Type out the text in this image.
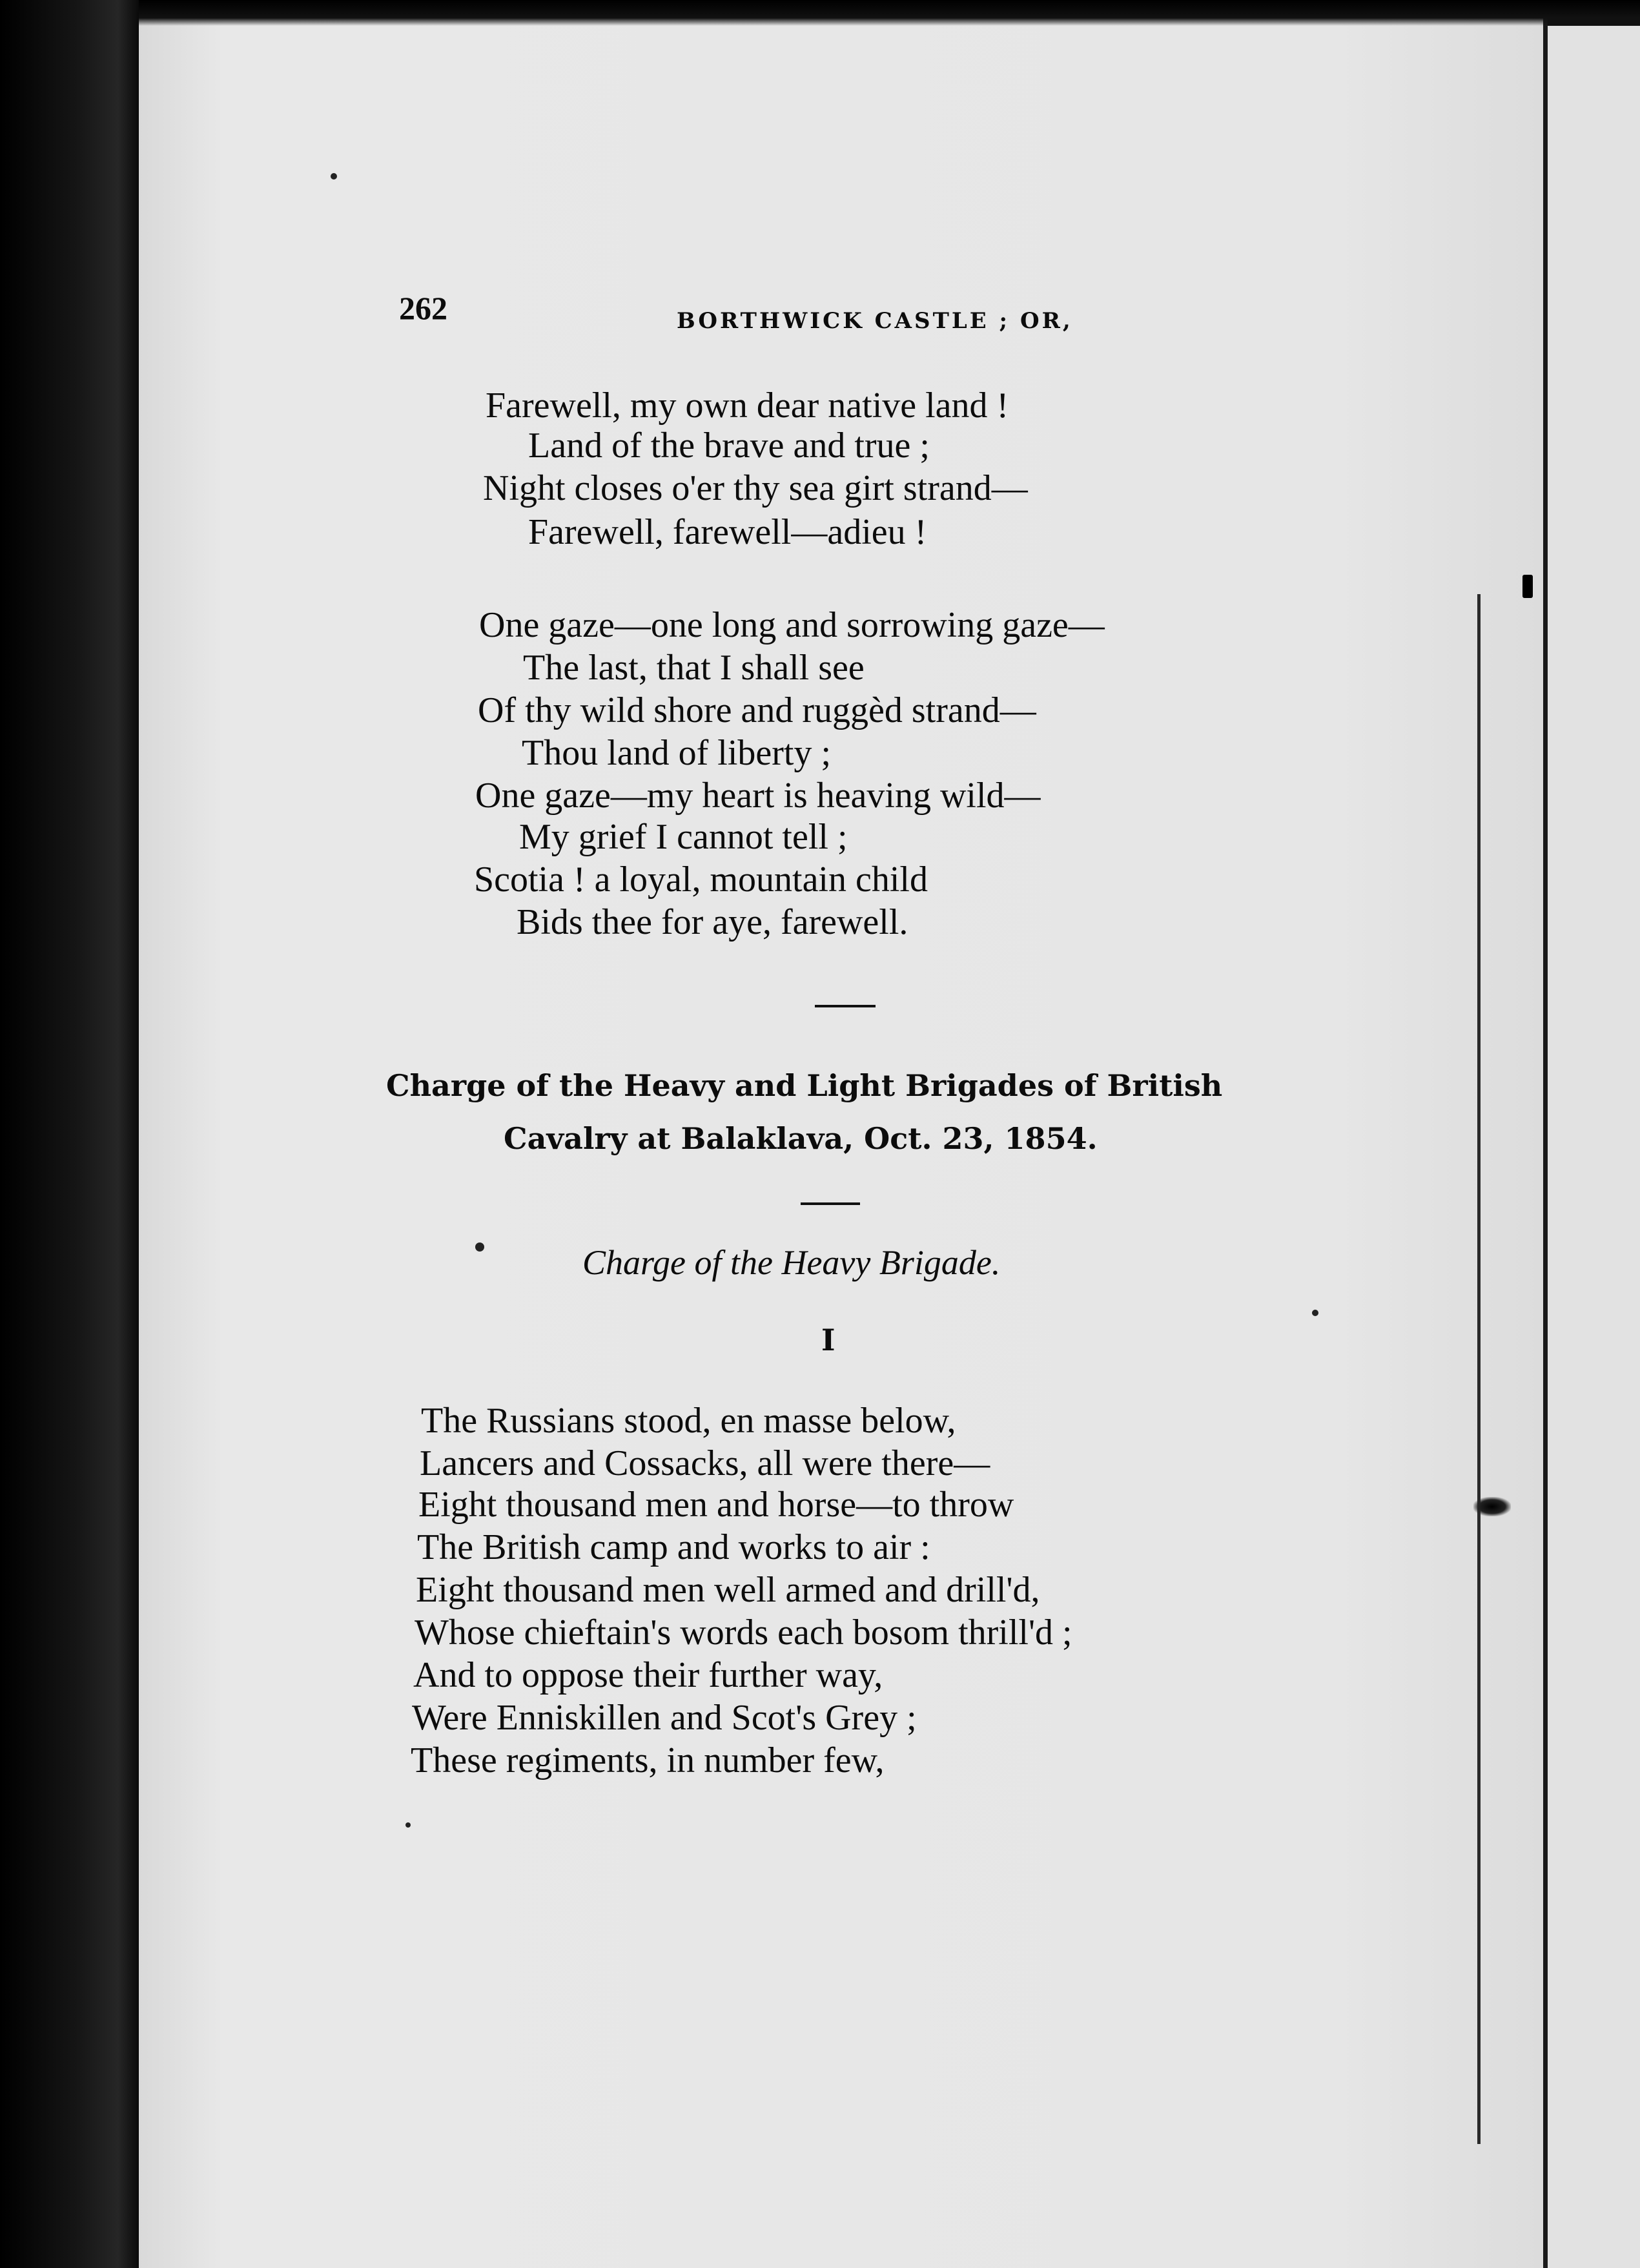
262	BORTHWICK CASTLE ; OR,
Farewell, my own dear native land !
Land of the brave and true ;
Night closes o'er thy sea girt strand—
Farewell, farewell—adieu !
One gaze—one long and sorrowing gaze—
The last, that I shall see
Of thy wild shore and ruggèd strand—
Thou land of liberty ;
One gaze—my heart is heaving wild—
My grief I cannot tell ;
Scotia ! a loyal, mountain child
Bids thee for aye, farewell.
Charge of the Heavy and Light Brigades of British
Cavalry at Balaklava, Oct. 23, 1854.
Charge of the Heavy Brigade.
I
The Russians stood, en masse below,
Lancers and Cossacks, all were there—
Eight thousand men and horse—to throw
The British camp and works to air :
Eight thousand men well armed and drill'd,
Whose chieftain's words each bosom thrill'd ;
And to oppose their further way,
Were Enniskillen and Scot's Grey ;
These regiments, in number few,
